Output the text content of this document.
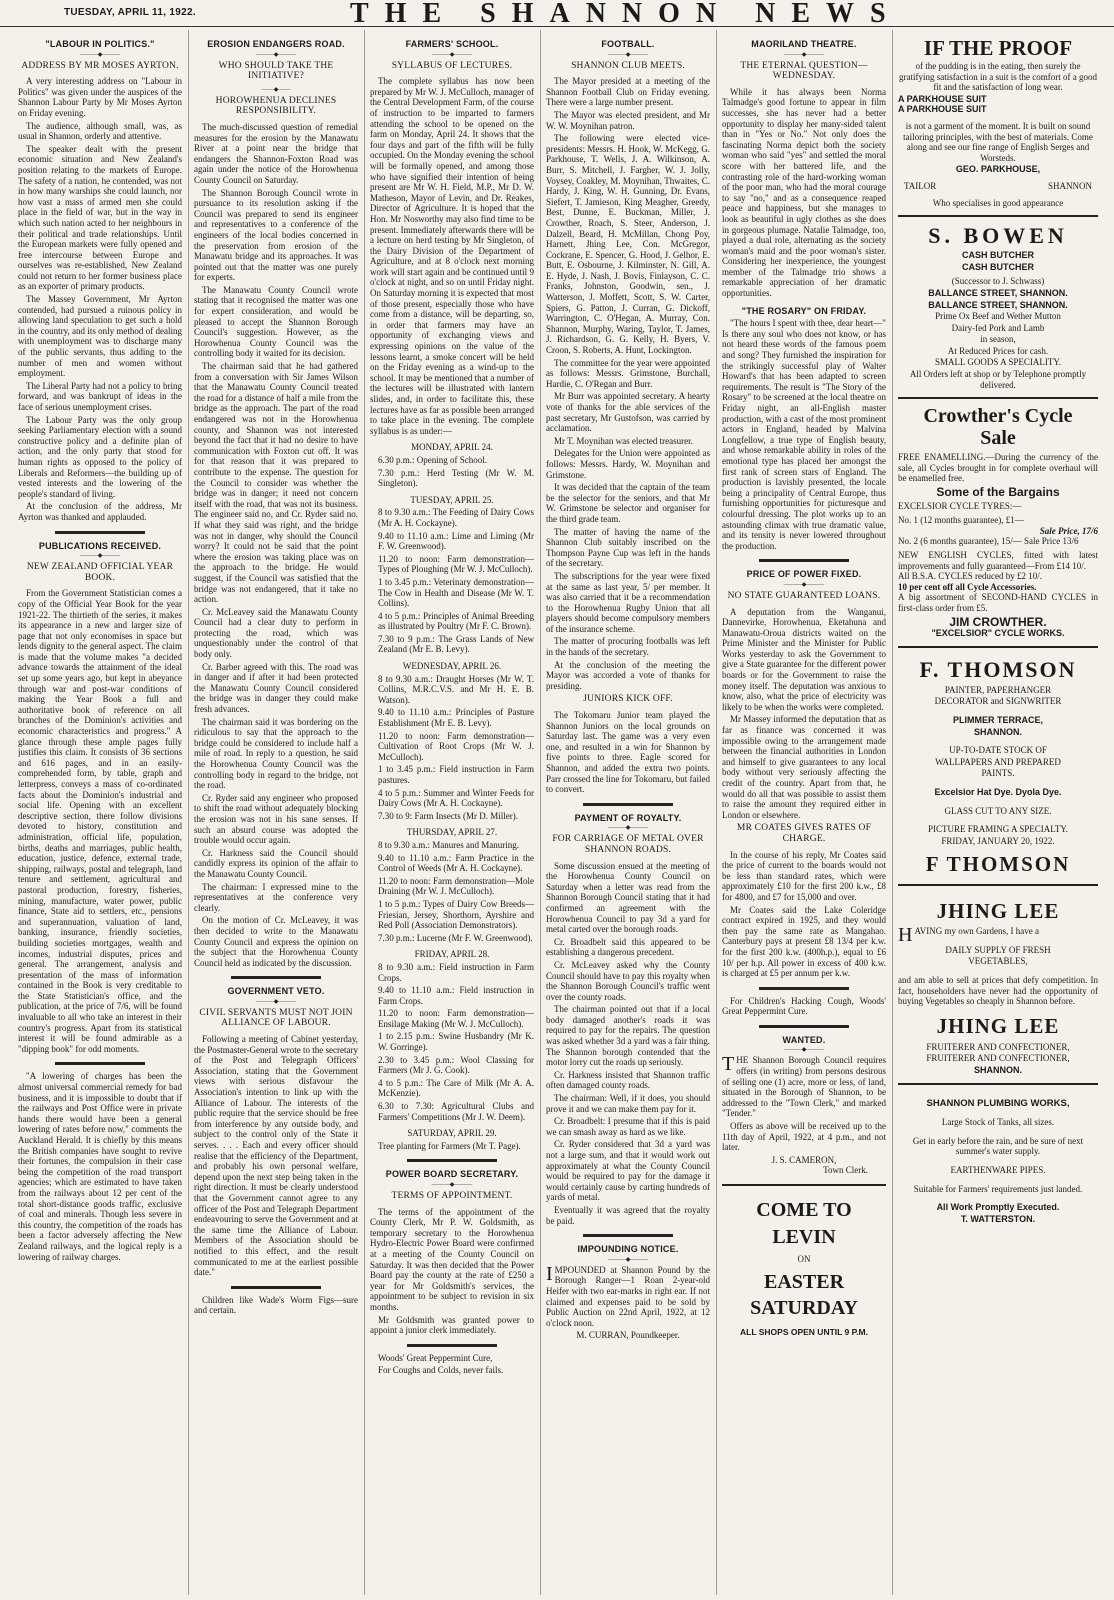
TUESDAY, APRIL 11, 1922.	THE SHANNON NEWS
"LABOUR IN POLITICS."
―――◆―――
ADDRESS BY MR MOSES AYRTON.

A very interesting address on "Labour in Politics" was given under the auspices of the Shannon Labour Party by Mr Moses Ayrton on Friday evening.

The audience, although small, was, as usual in Shannon, orderly and attentive.

The speaker dealt with the present economic situation and New Zealand's position relating to the markets of Europe. The safety of a nation, he contended, was not in how many warships she could launch, nor how vast a mass of armed men she could place in the field of war, but in the way in which such nation acted to her neighbours in their political and trade relationships. Until the European markets were fully opened and free intercourse between Europe and ourselves was re-established, New Zealand could not return to her former business place as an exporter of primary products.

The Massey Government, Mr Ayrton contended, had pursued a ruinous policy in allowing land speculation to get such a hold in the country, and its only method of dealing with unemployment was to discharge many of the public servants, thus adding to the number of men and women without employment.

The Liberal Party had not a policy to bring forward, and was bankrupt of ideas in the face of serious unemployment crises.

The Labour Party was the only group seeking Parliamentary election with a sound constructive policy and a definite plan of action, and the only party that stood for human rights as opposed to the policy of Liberals and Reformers—the building up of vested interests and the lowering of the people's standard of living.

At the conclusion of the address, Mr Ayrton was thanked and applauded.

PUBLICATIONS RECEIVED.
―――◆―――
NEW ZEALAND OFFICIAL YEAR BOOK.

From the Government Statistician comes a copy of the Official Year Book for the year 1921-22. The thirtieth of the series, it makes its appearance in a new and larger size of page that not only economises in space but lends dignity to the general aspect. The claim is made that the volume makes "a decided advance towards the attainment of the ideal set up some years ago, but kept in abeyance through war and post-war conditions of making the Year Book a full and authoritative book of reference on all branches of the Dominion's activities and economic characteristics and progress." A glance through these ample pages fully justifies this claim. It consists of 36 sections and 616 pages, and in an easily-comprehended form, by table, graph and letterpress, conveys a mass of co-ordinated facts about the Dominion's industrial and social life. Opening with an excellent descriptive section, there follow divisions devoted to history, constitution and administration, official life, population, births, deaths and marriages, public health, education, justice, defence, external trade, shipping, railways, postal and telegraph, land tenure and settlement, agricultural and pastoral production, forestry, fisheries, mining, manufacture, water power, public finance, State aid to settlers, etc., pensions and superannuation, valuation of land, banking, insurance, friendly societies, building societies mortgages, wealth and incomes, industrial disputes, prices and general. The arrangement, analysis and presentation of the mass of information contained in the Book is very creditable to the State Statistician's office, and the publication, at the price of 7/6, will be found invaluable to all who take an interest in their country's progress. Apart from its statistical interest it will be found admirable as a "dipping book" for odd moments.

"A lowering of charges has been the almost universal commercial remedy for bad business, and it is impossible to doubt that if the railways and Post Office were in private hands there would have been a general lowering of rates before now," comments the Auckland Herald. It is chiefly by this means the British companies have sought to revive their fortunes, the compulsion in their case being the competition of the road transport agencies; which are estimated to have taken from the railways about 12 per cent of the total short-distance goods traffic, exclusive of coal and minerals. Though less severe in this country, the competition of the roads has been a factor adversely affecting the New Zealand railways, and the logical reply is a lowering of railway charges.

EROSION ENDANGERS ROAD.
―――◆―――
WHO SHOULD TAKE THE INITIATIVE?
――◆――
HOROWHENUA DECLINES RESPONSIBILITY.

The much-discussed question of remedial measures for the erosion by the Manawatu River at a point near the bridge that endangers the Shannon-Foxton Road was again under the notice of the Horowhenua County Council on Saturday.

The Shannon Borough Council wrote in pursuance to its resolution asking if the Council was prepared to send its engineer and representatives to a conference of the engineers of the local bodies concerned in the preservation from erosion of the Manawatu bridge and its approaches. It was pointed out that the matter was one purely for experts.

The Manawatu County Council wrote stating that it recognised the matter was one for expert consideration, and would be pleased to accept the Shannon Borough Council's suggestion. However, as the Horowhenua County Council was the controlling body it waited for its decision.

The chairman said that he had gathered from a conversation with Sir James Wilson that the Manawatu County Council treated the road for a distance of half a mile from the bridge as the approach. The part of the road endangered was not in the Horowhenua county, and Shannon was not interested beyond the fact that it had no desire to have communication with Foxton cut off. It was for that reason that it was prepared to contribute to the expense. The question for the Council to consider was whether the bridge was in danger; it need not concern itself with the road, that was not its business. The engineer said no, and Cr. Ryder said no. If what they said was right, and the bridge was not in danger, why should the Council worry? It could not be said that the point where the erosion was taking place was on the approach to the bridge. He would suggest, if the Council was satisfied that the bridge was not endangered, that it take no action.

Cr. McLeavey said the Manawatu County Council had a clear duty to perform in protecting the road, which was unquestionably under the control of that body only.

Cr. Barber agreed with this. The road was in danger and if after it had been protected the Manawatu County Council considered the bridge was in danger they could make fresh advances.

The chairman said it was bordering on the ridiculous to say that the approach to the bridge could be considered to include half a mile of road. In reply to a question, he said the Horowhenua County Council was the controlling body in regard to the bridge, not the road.

Cr. Ryder said any engineer who proposed to shift the road without adequately blocking the erosion was not in his sane senses. If such an absurd course was adopted the trouble would occur again.

Cr. Harkness said the Council should candidly express its opinion of the affair to the Manawatu County Council.

The chairman: I expressed mine to the representatives at the conference very clearly.

On the motion of Cr. McLeavey, it was then decided to write to the Manawatu County Council and express the opinion on the subject that the Horowhenua County Council held as indicated by the discussion.

GOVERNMENT VETO.
―――◆―――
CIVIL SERVANTS MUST NOT JOIN ALLIANCE OF LABOUR.

Following a meeting of Cabinet yesterday, the Postmaster-General wrote to the secretary of the Post and Telegraph Officers' Association, stating that the Government views with serious disfavour the Association's intention to link up with the Alliance of Labour. The interests of the public require that the service should be free from interference by any outside body, and subject to the control only of the State it serves. . . . Each and every officer should realise that the efficiency of the Department, and probably his own personal welfare, depend upon the next step being taken in the right direction. It must be clearly understood that the Government cannot agree to any officer of the Post and Telegraph Department endeavouring to serve the Government and at the same time the Alliance of Labour. Members of the Association should be notified to this effect, and the result communicated to me at the earliest possible date."

Children like Wade's Worm Figs—sure and certain.

FARMERS' SCHOOL.
―――◆―――
SYLLABUS OF LECTURES.

The complete syllabus has now been prepared by Mr W. J. McCulloch, manager of the Central Development Farm, of the course of instruction to be imparted to farmers attending the school to be opened on the farm on Monday, April 24. It shows that the four days and part of the fifth will be fully occupied. On the Monday evening the school will be formally opened, and among those who have signified their intention of being present are Mr W. H. Field, M.P., Mr D. W. Matheson, Mayor of Levin, and Dr. Reakes, Director of Agriculture. It is hoped that the Hon. Mr Nosworthy may also find time to be present. Immediately afterwards there will be a lecture on herd testing by Mr Singleton, of the Dairy Division of the Department of Agriculture, and at 8 o'clock next morning work will start again and be continued until 9 o'clock at night, and so on until Friday night. On Saturday morning it is expected that most of those present, especially those who have come from a distance, will be departing, so, in order that farmers may have an opportunity of exchanging views and expressing opinions on the value of the lessons learnt, a smoke concert will be held on the Friday evening as a wind-up to the school. It may be mentioned that a number of the lectures will be illustrated with lantern slides, and, in order to facilitate this, these lectures have as far as possible been arranged to take place in the evening. The complete syllabus is as under:—

MONDAY, APRIL 24.

6.30 p.m.: Opening of School.

7.30 p.m.: Herd Testing (Mr W. M. Singleton).

TUESDAY, APRIL 25.

8 to 9.30 a.m.: The Feeding of Dairy Cows (Mr A. H. Cockayne).

9.40 to 11.10 a.m.: Lime and Liming (Mr F. W. Greenwood).

11.20 to noon: Farm demonstration—Types of Ploughing (Mr W. J. McCulloch).

1 to 3.45 p.m.: Veterinary demonstration—The Cow in Health and Disease (Mr W. T. Collins).

4 to 5 p.m.: Principles of Animal Breeding as illustrated by Poultry (Mr F. C. Brown).

7.30 to 9 p.m.: The Grass Lands of New Zealand (Mr E. B. Levy).

WEDNESDAY, APRIL 26.

8 to 9.30 a.m.: Draught Horses (Mr W. T. Collins, M.R.C.V.S. and Mr H. E. B. Watson).

9.40 to 11.10 a.m.: Principles of Pasture Establishment (Mr E. B. Levy).

11.20 to noon: Farm demonstration—Cultivation of Root Crops (Mr W. J. McCulloch).

1 to 3.45 p.m.: Field instruction in Farm pastures.

4 to 5 p.m.: Summer and Winter Feeds for Dairy Cows (Mr A. H. Cockayne).

7.30 to 9: Farm Insects (Mr D. Miller).

THURSDAY, APRIL 27.

8 to 9.30 a.m.: Manures and Manuring.

9.40 to 11.10 a.m.: Farm Practice in the Control of Weeds (Mr A. H. Cockayne).

11.20 to noon: Farm demonstration—Mole Draining (Mr W. J. McCulloch).

1 to 5 p.m.: Types of Dairy Cow Breeds—Friesian, Jersey, Shorthorn, Ayrshire and Red Poll (Association Demonstrators).

7.30 p.m.: Lucerne (Mr F. W. Greenwood).

FRIDAY, APRIL 28.

8 to 9.30 a.m.: Field instruction in Farm Crops.

9.40 to 11.10 a.m.: Field instruction in Farm Crops.

11.20 to noon: Farm demonstration—Ensilage Making (Mr W. J. McCulloch).

1 to 2.15 p.m.: Swine Husbandry (Mr K. W. Gorringe).

2.30 to 3.45 p.m.: Wool Classing for Farmers (Mr J. G. Cook).

4 to 5 p.m.: The Care of Milk (Mr A. A. McKenzie).

6.30 to 7.30: Agricultural Clubs and Farmers' Competitions (Mr J. W. Deem).

SATURDAY, APRIL 29.

Tree planting for Farmers (Mr T. Page).

POWER BOARD SECRETARY.
―――◆―――
TERMS OF APPOINTMENT.

The terms of the appointment of the County Clerk, Mr P. W. Goldsmith, as temporary secretary to the Horowhenua Hydro-Electric Power Board were confirmed at a meeting of the County Council on Saturday. It was then decided that the Power Board pay the county at the rate of £250 a year for Mr Goldsmith's services, the appointment to be subject to revision in six months.

Mr Goldsmith was granted power to appoint a junior clerk immediately.

Woods' Great Peppermint Cure,

For Coughs and Colds, never fails.

FOOTBALL.
―――◆―――
SHANNON CLUB MEETS.

The Mayor presided at a meeting of the Shannon Football Club on Friday evening. There were a large number present.

The Mayor was elected president, and Mr W. W. Moynihan patron.

The following were elected vice-presidents: Messrs. H. Hook, W. McKegg, G. Parkhouse, T. Wells, J. A. Wilkinson, A. Burr, S. Mitchell, J. Fargher, W. J. Jolly, Voysey, Coakley, M. Moynihan, Thwaites, C. Hardy, J. King, W. H. Gunning, Dr. Evans, Siefert, T. Jamieson, King Meagher, Greedy, Best, Dunne, E. Buckman, Miller, J. Crowther, Roach, S. Steer, Anderson, J. Dalzell, Beard, H. McMillan, Chong Poy, Harnett, Jhing Lee, Con. McGregor, Cockrane, E. Spencer, G. Hood, J. Gelhor, E. Butt, E. Osbourne, J. Kilminster, N. Gill, A. E. Hyde, J. Nash, J. Bovis, Finlayson, C. C. Franks, Johnston, Goodwin, sen., J. Watterson, J. Moffett, Scott, S. W. Carter, Spiers, G. Patton, J. Curran, G. Dickoff, Warrington, C. O'Hegan, A. Murray, Con. Shannon, Murphy, Waring, Taylor, T. James, J. Richardson, G. G. Kelly, H. Byers, V. Croon, S. Roberts, A. Hunt, Lockington.

The committee for the year were appointed as follows: Messrs. Grimstone, Burchall, Hardie, C. O'Regan and Burr.

Mr Burr was appointed secretary. A hearty vote of thanks for the able services of the past secretary, Mr Gustofson, was carried by acclamation.

Mr T. Moynihan was elected treasurer.

Delegates for the Union were appointed as follows: Messrs. Hardy, W. Moynihan and Grimstone.

It was decided that the captain of the team be the selector for the seniors, and that Mr W. Grimstone be selector and organiser for the third grade team.

The matter of having the name of the Shannon Club suitably inscribed on the Thompson Payne Cup was left in the hands of the secretary.

The subscriptions for the year were fixed at the same as last year, 5/ per member. It was also carried that it be a recommendation to the Horowhenua Rugby Union that all players should become compulsory members of the insurance scheme.

The matter of procuring footballs was left in the hands of the secretary.

At the conclusion of the meeting the Mayor was accorded a vote of thanks for presiding.

JUNIORS KICK OFF.

The Tokomaru Junior team played the Shannon Juniors on the local grounds on Saturday last. The game was a very even one, and resulted in a win for Shannon by five points to three. Eagle scored for Shannon, and added the extra two points. Parr crossed the line for Tokomaru, but failed to convert.

PAYMENT OF ROYALTY.
―――◆―――
FOR CARRIAGE OF METAL OVER SHANNON ROADS.

Some discussion ensued at the meeting of the Horowhenua County Council on Saturday when a letter was read from the Shannon Borough Council stating that it had confirmed an agreement with the Horowhenua Council to pay 3d a yard for metal carted over the borough roads.

Cr. Broadbelt said this appeared to be establishing a dangerous precedent.

Cr. McLeavey asked why the County Council should have to pay this royalty when the Shannon Borough Council's traffic went over the county roads.

The chairman pointed out that if a local body damaged another's roads it was required to pay for the repairs. The question was asked whether 3d a yard was a fair thing. The Shannon borough contended that the motor lorry cut the roads up seriously.

Cr. Harkness insisted that Shannon traffic often damaged county roads.

The chairman: Well, if it does, you should prove it and we can make them pay for it.

Cr. Broadbelt: I presume that if this is paid we can smash away as hard as we like.

Cr. Ryder considered that 3d a yard was not a large sum, and that it would work out approximately at what the County Council would be required to pay for the damage it would certainly cause by carting hundreds of yards of metal.

Eventually it was agreed that the royalty be paid.

IMPOUNDING NOTICE.
―――◆―――

IMPOUNDED at Shannon Pound by the Borough Ranger—1 Roan 2-year-old Heifer with two ear-marks in right ear. If not claimed and expenses paid to be sold by Public Auction on 22nd April, 1922, at 12 o'clock noon.

M. CURRAN, Poundkeeper.
MAORILAND THEATRE.
―――◆―――
THE ETERNAL QUESTION—WEDNESDAY.

While it has always been Norma Talmadge's good fortune to appear in film successes, she has never had a better opportunity to display her many-sided talent than in "Yes or No." Not only does the fascinating Norma depict both the society woman who said "yes" and settled the moral score with her battered life, and the contrasting role of the hard-working woman of the poor man, who had the moral courage to say "no," and as a consequence reaped peace and happiness, but she manages to look as beautiful in ugly clothes as she does in gorgeous plumage. Natalie Talmadge, too, played a dual role, alternating as the society woman's maid and the poor woman's sister. Considering her inexperience, the youngest member of the Talmadge trio shows a remarkable appreciation of her dramatic opportunities.

"THE ROSARY" ON FRIDAY.

"The hours I spent with thee, dear heart—" Is there any soul who does not know, or has not heard these words of the famous poem and song? They furnished the inspiration for the strikingly successful play of Walter Howard's that has been adapted to screen requirements. The result is "The Story of the Rosary" to be screened at the local theatre on Friday night, an all-English master production, with a cast of the most prominent actors in England, headed by Malvina Longfellow, a true type of English beauty, and whose remarkable ability in roles of the emotional type has placed her amongst the first rank of screen stars of England. The production is lavishly presented, the locale being a principality of Central Europe, thus furnishing opportunities for picturesque and colourful dressing. The plot works up to an astounding climax with true dramatic value, and its tensity is never lowered throughout the production.

PRICE OF POWER FIXED.
―――◆―――
NO STATE GUARANTEED LOANS.

A deputation from the Wanganui, Dannevirke, Horowhenua, Eketahuna and Manawatu-Oroua districts waited on the Prime Minister and the Minister for Public Works yesterday to ask the Government to give a State guarantee for the different power boards or for the Government to raise the money itself. The deputation was anxious to know, also, what the price of electricity was likely to be when the works were completed.

Mr Massey informed the deputation that as far as finance was concerned it was impossible owing to the arrangement made between the financial authorities in London and himself to give guarantees to any local body without very seriously affecting the credit of the country. Apart from that, he would do all that was possible to assist them to raise the amount they required either in London or elsewhere.

MR COATES GIVES RATES OF CHARGE.

In the course of his reply, Mr Coates said the price of current to the boards would not be less than standard rates, which were approximately £10 for the first 200 k.w., £8 for 4800, and £7 for 15,000 and over.

Mr Coates said the Lake Coleridge contract expired in 1925, and they would then pay the same rate as Mangahao. Canterbury pays at present £8 13/4 per k.w. for the first 200 k.w. (400h.p.), equal to £6 10/ per h.p. All power in excess of 400 k.w. is charged at £5 per annum per k.w.

For Children's Hacking Cough, Woods' Great Peppermint Cure.

WANTED.
―――◆―――

THE Shannon Borough Council requires offers (in writing) from persons desirous of selling one (1) acre, more or less, of land, situated in the Borough of Shannon, to be addressed to the "Town Clerk," and marked "Tender."

Offers as above will be received up to the 11th day of April, 1922, at 4 p.m., and not later.

J. S. CAMERON,
Town Clerk.
COME TO
LEVIN
ON
EASTER
SATURDAY
ALL SHOPS OPEN UNTIL 9 P.M.
IF THE PROOF
of the pudding is in the eating, then surely the gratifying satisfaction in a suit is the comfort of a good fit and the satisfaction of long wear.
A PARKHOUSE SUIT
A PARKHOUSE SUIT
is not a garment of the moment. It is built on sound tailoring principles, with the best of materials. Come along and see our fine range of English Serges and Worsteds.
GEO. PARKHOUSE,
TAILOR	SHANNON
Who specialises in good appearance
S. BOWEN
CASH BUTCHER
CASH BUTCHER
(Successor to J. Schwass)
BALLANCE STREET, SHANNON.
BALLANCE STREET, SHANNON.
Prime Ox Beef and Wether Mutton
Dairy-fed Pork and Lamb
in season,
At Reduced Prices for cash.
SMALL GOODS A SPECIALITY.
All Orders left at shop or by Telephone promptly delivered.
Crowther's Cycle
Sale
FREE ENAMELLING.—During the currency of the sale, all Cycles brought in for complete overhaul will be enamelled free.
Some of the Bargains
EXCELSIOR CYCLE TYRES:—
No. 1 (12 months guarantee), £1—
Sale Price, 17/6
No. 2 (6 months guarantee), 15/— Sale Price 13/6
NEW ENGLISH CYCLES, fitted with latest improvements and fully guaranteed—From £14 10/.
All B.S.A. CYCLES reduced by £2 10/.
10 per cent off all Cycle Accessories.
A big assortment of SECOND-HAND CYCLES in first-class order from £5.
JIM CROWTHER.
"EXCELSIOR" CYCLE WORKS.
F. THOMSON
PAINTER, PAPERHANGER
DECORATOR and SIGNWRITER
PLIMMER TERRACE,
SHANNON.
UP-TO-DATE STOCK OF
WALLPAPERS AND PREPARED
PAINTS.
Excelsior Hat Dye. Dyola Dye.
GLASS CUT TO ANY SIZE.
PICTURE FRAMING A SPECIALTY.
FRIDAY, JANUARY 20, 1922.
F THOMSON
JHING LEE
HAVING my own Gardens, I have a
DAILY SUPPLY OF FRESH
VEGETABLES,
and am able to sell at prices that defy competition. In fact, householders have never had the opportunity of buying Vegetables so cheaply in Shannon before.
JHING LEE
FRUITERER AND CONFECTIONER,
FRUITERER AND CONFECTIONER,
SHANNON.
SHANNON PLUMBING WORKS,
Large Stock of Tanks, all sizes.
Get in early before the rain, and be sure of next summer's water supply.
EARTHENWARE PIPES.
Suitable for Farmers' requirements just landed.
All Work Promptly Executed.
T. WATTERSTON.
